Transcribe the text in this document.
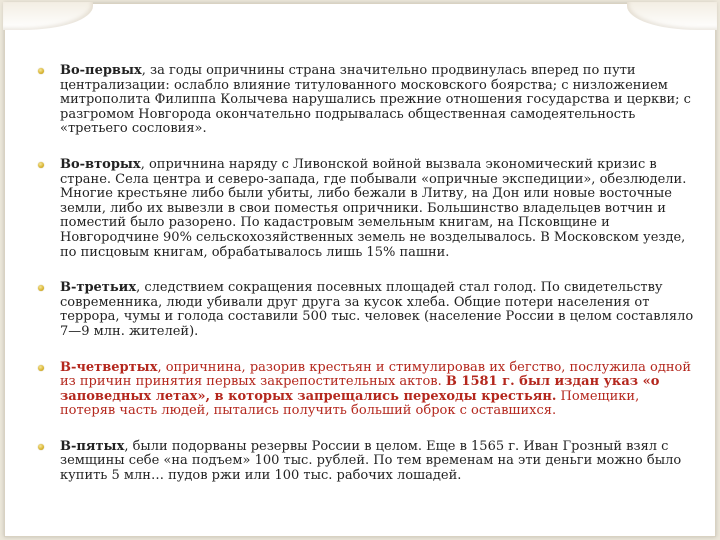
Во-первых, за годы опричнины страна значительно продвинулась вперед по пути централизации: ослабло влияние титулованного московского боярства; с низложением митрополита Филиппа Колычева нарушались прежние отношения государства и церкви; с разгромом Новгорода окончательно подрывалась общественная самодеятельность «третьего сословия».
Во-вторых, опричнина наряду с Ливонской войной вызвала экономический кризис в стране. Села центра и северо-запада, где побывали «опричные экспедиции», обезлюдели. Многие крестьяне либо были убиты, либо бежали в Литву, на Дон или новые восточные земли, либо их вывезли в свои поместья опричники. Большинство владельцев вотчин и поместий было разорено. По кадастровым земельным книгам, на Псковщине и Новгородчине 90% сельскохозяйственных земель не возделывалось. В Московском уезде, по писцовым книгам, обрабатывалось лишь 15% пашни.
В-третьих, следствием сокращения посевных площадей стал голод. По свидетельству современника, люди убивали друг друга за кусок хлеба. Общие потери населения от террора, чумы и голода составили 500 тыс. человек (население России в целом составляло 7—9 млн. жителей).
В-четвертых, опричнина, разорив крестьян и стимулировав их бегство, послужила одной из причин принятия первых закрепостительных актов. В 1581 г. был издан указ «о заповедных летах», в которых запрещались переходы крестьян. Помещики, потеряв часть людей, пытались получить больший оброк с оставшихся.
В-пятых, были подорваны резервы России в целом. Еще в 1565 г. Иван Грозный взял с земщины себе «на подъем» 100 тыс. рублей. По тем временам на эти деньги можно было купить 5 млн… пудов ржи или 100 тыс. рабочих лошадей.
